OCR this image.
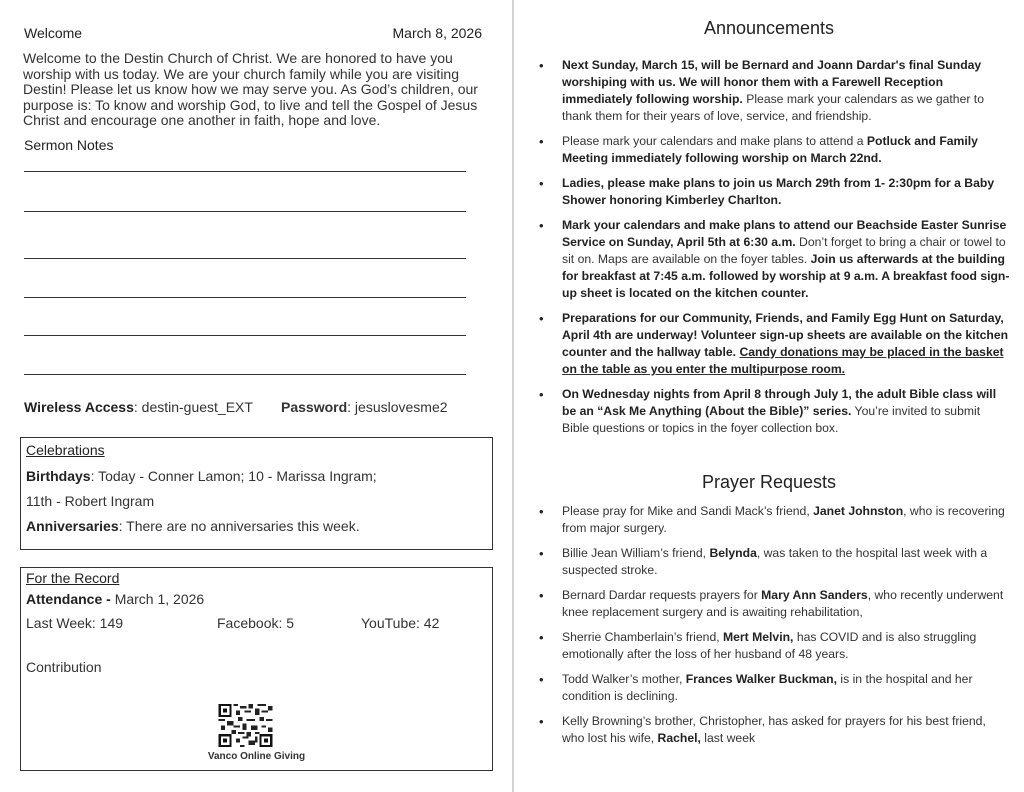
Welcome	March 8, 2026
Welcome to the Destin Church of Christ. We are honored to have you worship with us today. We are your church family while you are visiting Destin! Please let us know how we may serve you. As God’s children, our purpose is: To know and worship God, to live and tell the Gospel of Jesus Christ and encourage one another in faith, hope and love.
Sermon Notes
Wireless Access: destin-guest_EXT Password: jesuslovesme2
Celebrations
Birthdays: Today - Conner Lamon; 10 - Marissa Ingram;
11th - Robert Ingram
Anniversaries: There are no anniversaries this week.
For the Record
Attendance - March 1, 2026
Last Week: 149	Facebook: 5	YouTube: 42
Contribution
Vanco Online Giving
Announcements
• Next Sunday, March 15, will be Bernard and Joann Dardar's final Sunday worshiping with us. We will honor them with a Farewell Reception immediately following worship. Please mark your calendars as we gather to thank them for their years of love, service, and friendship.
• Please mark your calendars and make plans to attend a Potluck and Family Meeting immediately following worship on March 22nd.
• Ladies, please make plans to join us March 29th from 1- 2:30pm for a Baby Shower honoring Kimberley Charlton.
• Mark your calendars and make plans to attend our Beachside Easter Sunrise Service on Sunday, April 5th at 6:30 a.m. Don’t forget to bring a chair or towel to sit on. Maps are available on the foyer tables. Join us afterwards at the building for breakfast at 7:45 a.m. followed by worship at 9 a.m. A breakfast food sign-up sheet is located on the kitchen counter.
• Preparations for our Community, Friends, and Family Egg Hunt on Saturday, April 4th are underway! Volunteer sign-up sheets are available on the kitchen counter and the hallway table. Candy donations may be placed in the basket on the table as you enter the multipurpose room.
• On Wednesday nights from April 8 through July 1, the adult Bible class will be an “Ask Me Anything (About the Bible)” series. You’re invited to submit Bible questions or topics in the foyer collection box.
Prayer Requests
• Please pray for Mike and Sandi Mack’s friend, Janet Johnston, who is recovering from major surgery.
• Billie Jean William’s friend, Belynda, was taken to the hospital last week with a suspected stroke.
• Bernard Dardar requests prayers for Mary Ann Sanders, who recently underwent knee replacement surgery and is awaiting rehabilitation,
• Sherrie Chamberlain’s friend, Mert Melvin, has COVID and is also struggling emotionally after the loss of her husband of 48 years.
• Todd Walker’s mother, Frances Walker Buckman, is in the hospital and her condition is declining.
• Kelly Browning’s brother, Christopher, has asked for prayers for his best friend, who lost his wife, Rachel, last week
